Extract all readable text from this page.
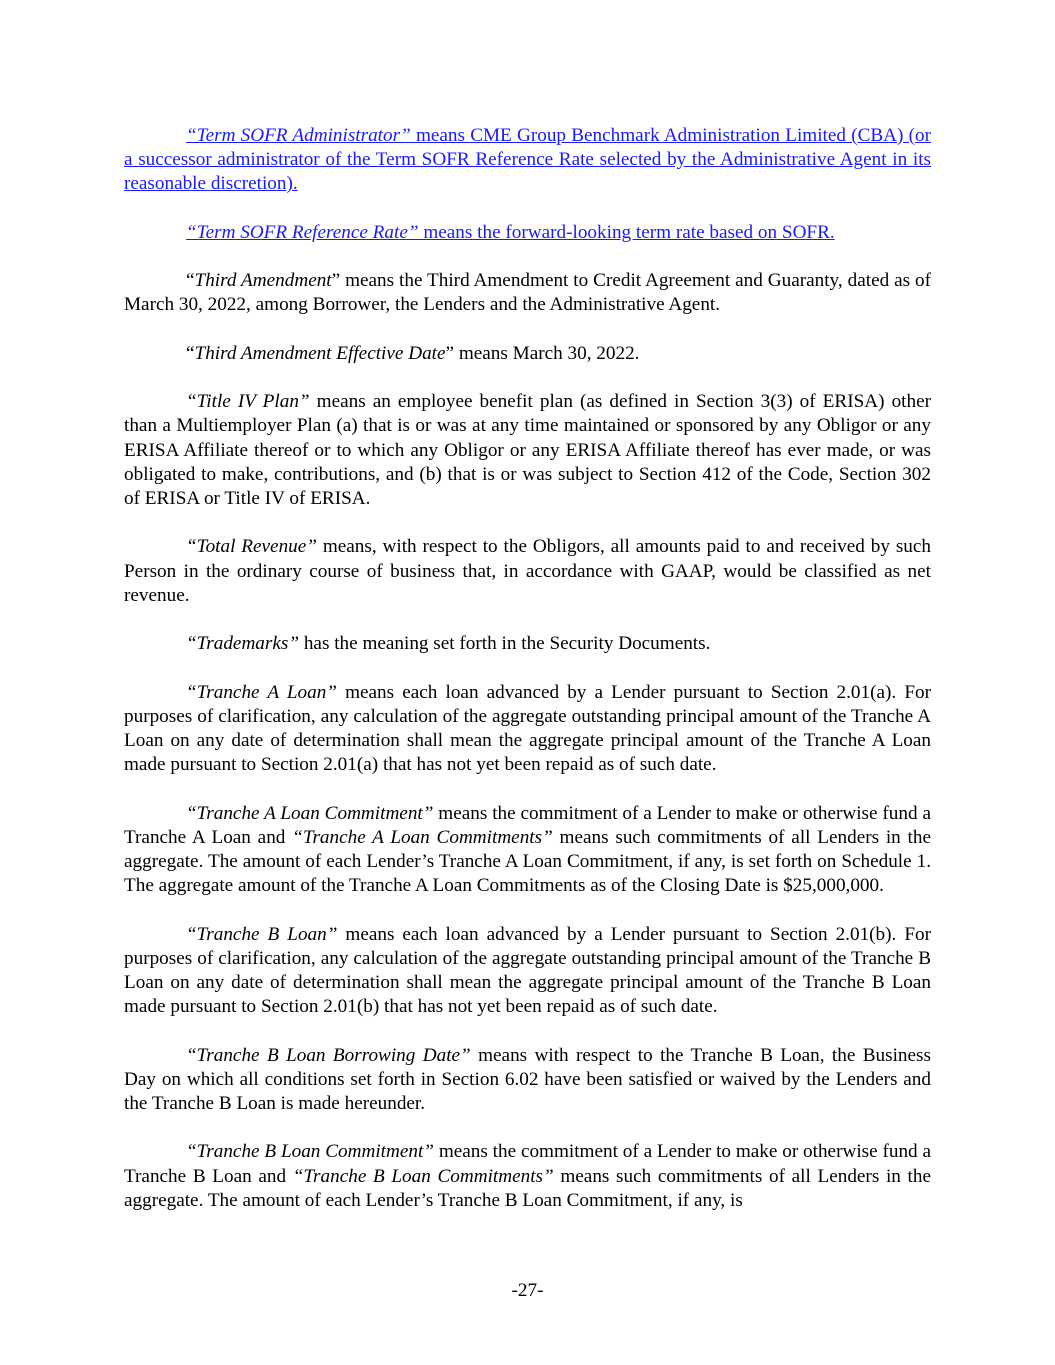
“Term SOFR Administrator” means CME Group Benchmark Administration Limited (CBA) (or a successor administrator of the Term SOFR Reference Rate selected by the Administrative Agent in its reasonable discretion).

“Term SOFR Reference Rate” means the forward-looking term rate based on SOFR.

“Third Amendment” means the Third Amendment to Credit Agreement and Guaranty, dated as of March 30, 2022, among Borrower, the Lenders and the Administrative Agent.

“Third Amendment Effective Date” means March 30, 2022.

“Title IV Plan” means an employee benefit plan (as defined in Section 3(3) of ERISA) other than a Multiemployer Plan (a) that is or was at any time maintained or sponsored by any Obligor or any ERISA Affiliate thereof or to which any Obligor or any ERISA Affiliate thereof has ever made, or was obligated to make, contributions, and (b) that is or was subject to Section 412 of the Code, Section 302 of ERISA or Title IV of ERISA.

“Total Revenue” means, with respect to the Obligors, all amounts paid to and received by such Person in the ordinary course of business that, in accordance with GAAP, would be classified as net revenue.

“Trademarks” has the meaning set forth in the Security Documents.

“Tranche A Loan” means each loan advanced by a Lender pursuant to Section 2.01(a). For purposes of clarification, any calculation of the aggregate outstanding principal amount of the Tranche A Loan on any date of determination shall mean the aggregate principal amount of the Tranche A Loan made pursuant to Section 2.01(a) that has not yet been repaid as of such date.

“Tranche A Loan Commitment” means the commitment of a Lender to make or otherwise fund a Tranche A Loan and “Tranche A Loan Commitments” means such commitments of all Lenders in the aggregate. The amount of each Lender’s Tranche A Loan Commitment, if any, is set forth on Schedule 1. The aggregate amount of the Tranche A Loan Commitments as of the Closing Date is $25,000,000.

“Tranche B Loan” means each loan advanced by a Lender pursuant to Section 2.01(b). For purposes of clarification, any calculation of the aggregate outstanding principal amount of the Tranche B Loan on any date of determination shall mean the aggregate principal amount of the Tranche B Loan made pursuant to Section 2.01(b) that has not yet been repaid as of such date.

“Tranche B Loan Borrowing Date” means with respect to the Tranche B Loan, the Business Day on which all conditions set forth in Section 6.02 have been satisfied or waived by the Lenders and the Tranche B Loan is made hereunder.

“Tranche B Loan Commitment” means the commitment of a Lender to make or otherwise fund a Tranche B Loan and “Tranche B Loan Commitments” means such commitments of all Lenders in the aggregate. The amount of each Lender’s Tranche B Loan Commitment, if any, is

-27-
